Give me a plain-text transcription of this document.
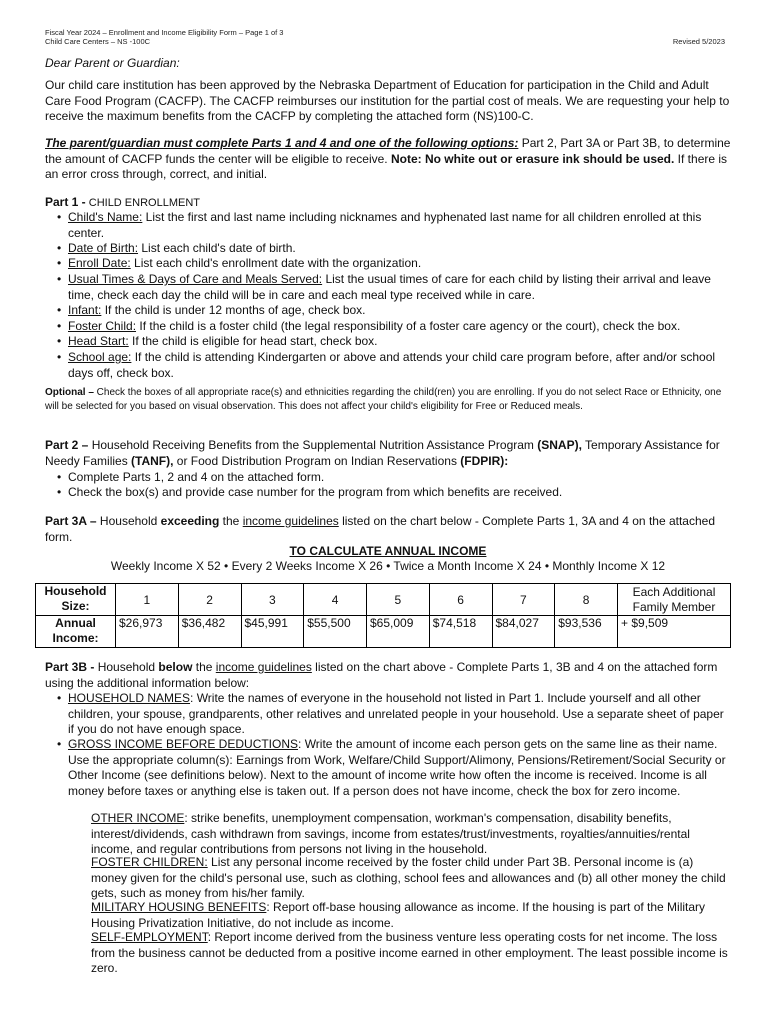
Fiscal Year 2024 – Enrollment and Income Eligibility Form – Page 1 of 3
Child Care Centers – NS -100C	Revised 5/2023
Dear Parent or Guardian:
Our child care institution has been approved by the Nebraska Department of Education for participation in the Child and Adult Care Food Program (CACFP). The CACFP reimburses our institution for the partial cost of meals. We are requesting your help to receive the maximum benefits from the CACFP by completing the attached form (NS)100-C.
The parent/guardian must complete Parts 1 and 4 and one of the following options: Part 2, Part 3A or Part 3B, to determine the amount of CACFP funds the center will be eligible to receive. Note: No white out or erasure ink should be used. If there is an error cross through, correct, and initial.
Part 1 - CHILD ENROLLMENT
• Child's Name: List the first and last name including nicknames and hyphenated last name for all children enrolled at this center.
• Date of Birth: List each child's date of birth.
• Enroll Date: List each child's enrollment date with the organization.
• Usual Times & Days of Care and Meals Served: List the usual times of care for each child by listing their arrival and leave time, check each day the child will be in care and each meal type received while in care.
• Infant: If the child is under 12 months of age, check box.
• Foster Child: If the child is a foster child (the legal responsibility of a foster care agency or the court), check the box.
• Head Start: If the child is eligible for head start, check box.
• School age: If the child is attending Kindergarten or above and attends your child care program before, after and/or school days off, check box.
Optional – Check the boxes of all appropriate race(s) and ethnicities regarding the child(ren) you are enrolling. If you do not select Race or Ethnicity, one will be selected for you based on visual observation. This does not affect your child's eligibility for Free or Reduced meals.
Part 2 – Household Receiving Benefits from the Supplemental Nutrition Assistance Program (SNAP), Temporary Assistance for Needy Families (TANF), or Food Distribution Program on Indian Reservations (FDPIR):
• Complete Parts 1, 2 and 4 on the attached form.
• Check the box(s) and provide case number for the program from which benefits are received.
Part 3A – Household exceeding the income guidelines listed on the chart below - Complete Parts 1, 3A and 4 on the attached form.
TO CALCULATE ANNUAL INCOME
Weekly Income X 52 • Every 2 Weeks Income X 26 • Twice a Month Income X 24 • Monthly Income X 12
Household Size:	1	2	3	4	5	6	7	8	Each Additional Family Member
Annual Income:	$26,973	$36,482	$45,991	$55,500	$65,009	$74,518	$84,027	$93,536	+ $9,509
Part 3B - Household below the income guidelines listed on the chart above - Complete Parts 1, 3B and 4 on the attached form using the additional information below:
• HOUSEHOLD NAMES: Write the names of everyone in the household not listed in Part 1. Include yourself and all other children, your spouse, grandparents, other relatives and unrelated people in your household. Use a separate sheet of paper if you do not have enough space.
• GROSS INCOME BEFORE DEDUCTIONS: Write the amount of income each person gets on the same line as their name. Use the appropriate column(s): Earnings from Work, Welfare/Child Support/Alimony, Pensions/Retirement/Social Security or Other Income (see definitions below). Next to the amount of income write how often the income is received. Income is all money before taxes or anything else is taken out. If a person does not have income, check the box for zero income.
OTHER INCOME: strike benefits, unemployment compensation, workman's compensation, disability benefits, interest/dividends, cash withdrawn from savings, income from estates/trust/investments, royalties/annuities/rental income, and regular contributions from persons not living in the household.
FOSTER CHILDREN: List any personal income received by the foster child under Part 3B. Personal income is (a) money given for the child's personal use, such as clothing, school fees and allowances and (b) all other money the child gets, such as money from his/her family.
MILITARY HOUSING BENEFITS: Report off-base housing allowance as income. If the housing is part of the Military Housing Privatization Initiative, do not include as income.
SELF-EMPLOYMENT: Report income derived from the business venture less operating costs for net income. The loss from the business cannot be deducted from a positive income earned in other employment. The least possible income is zero.
